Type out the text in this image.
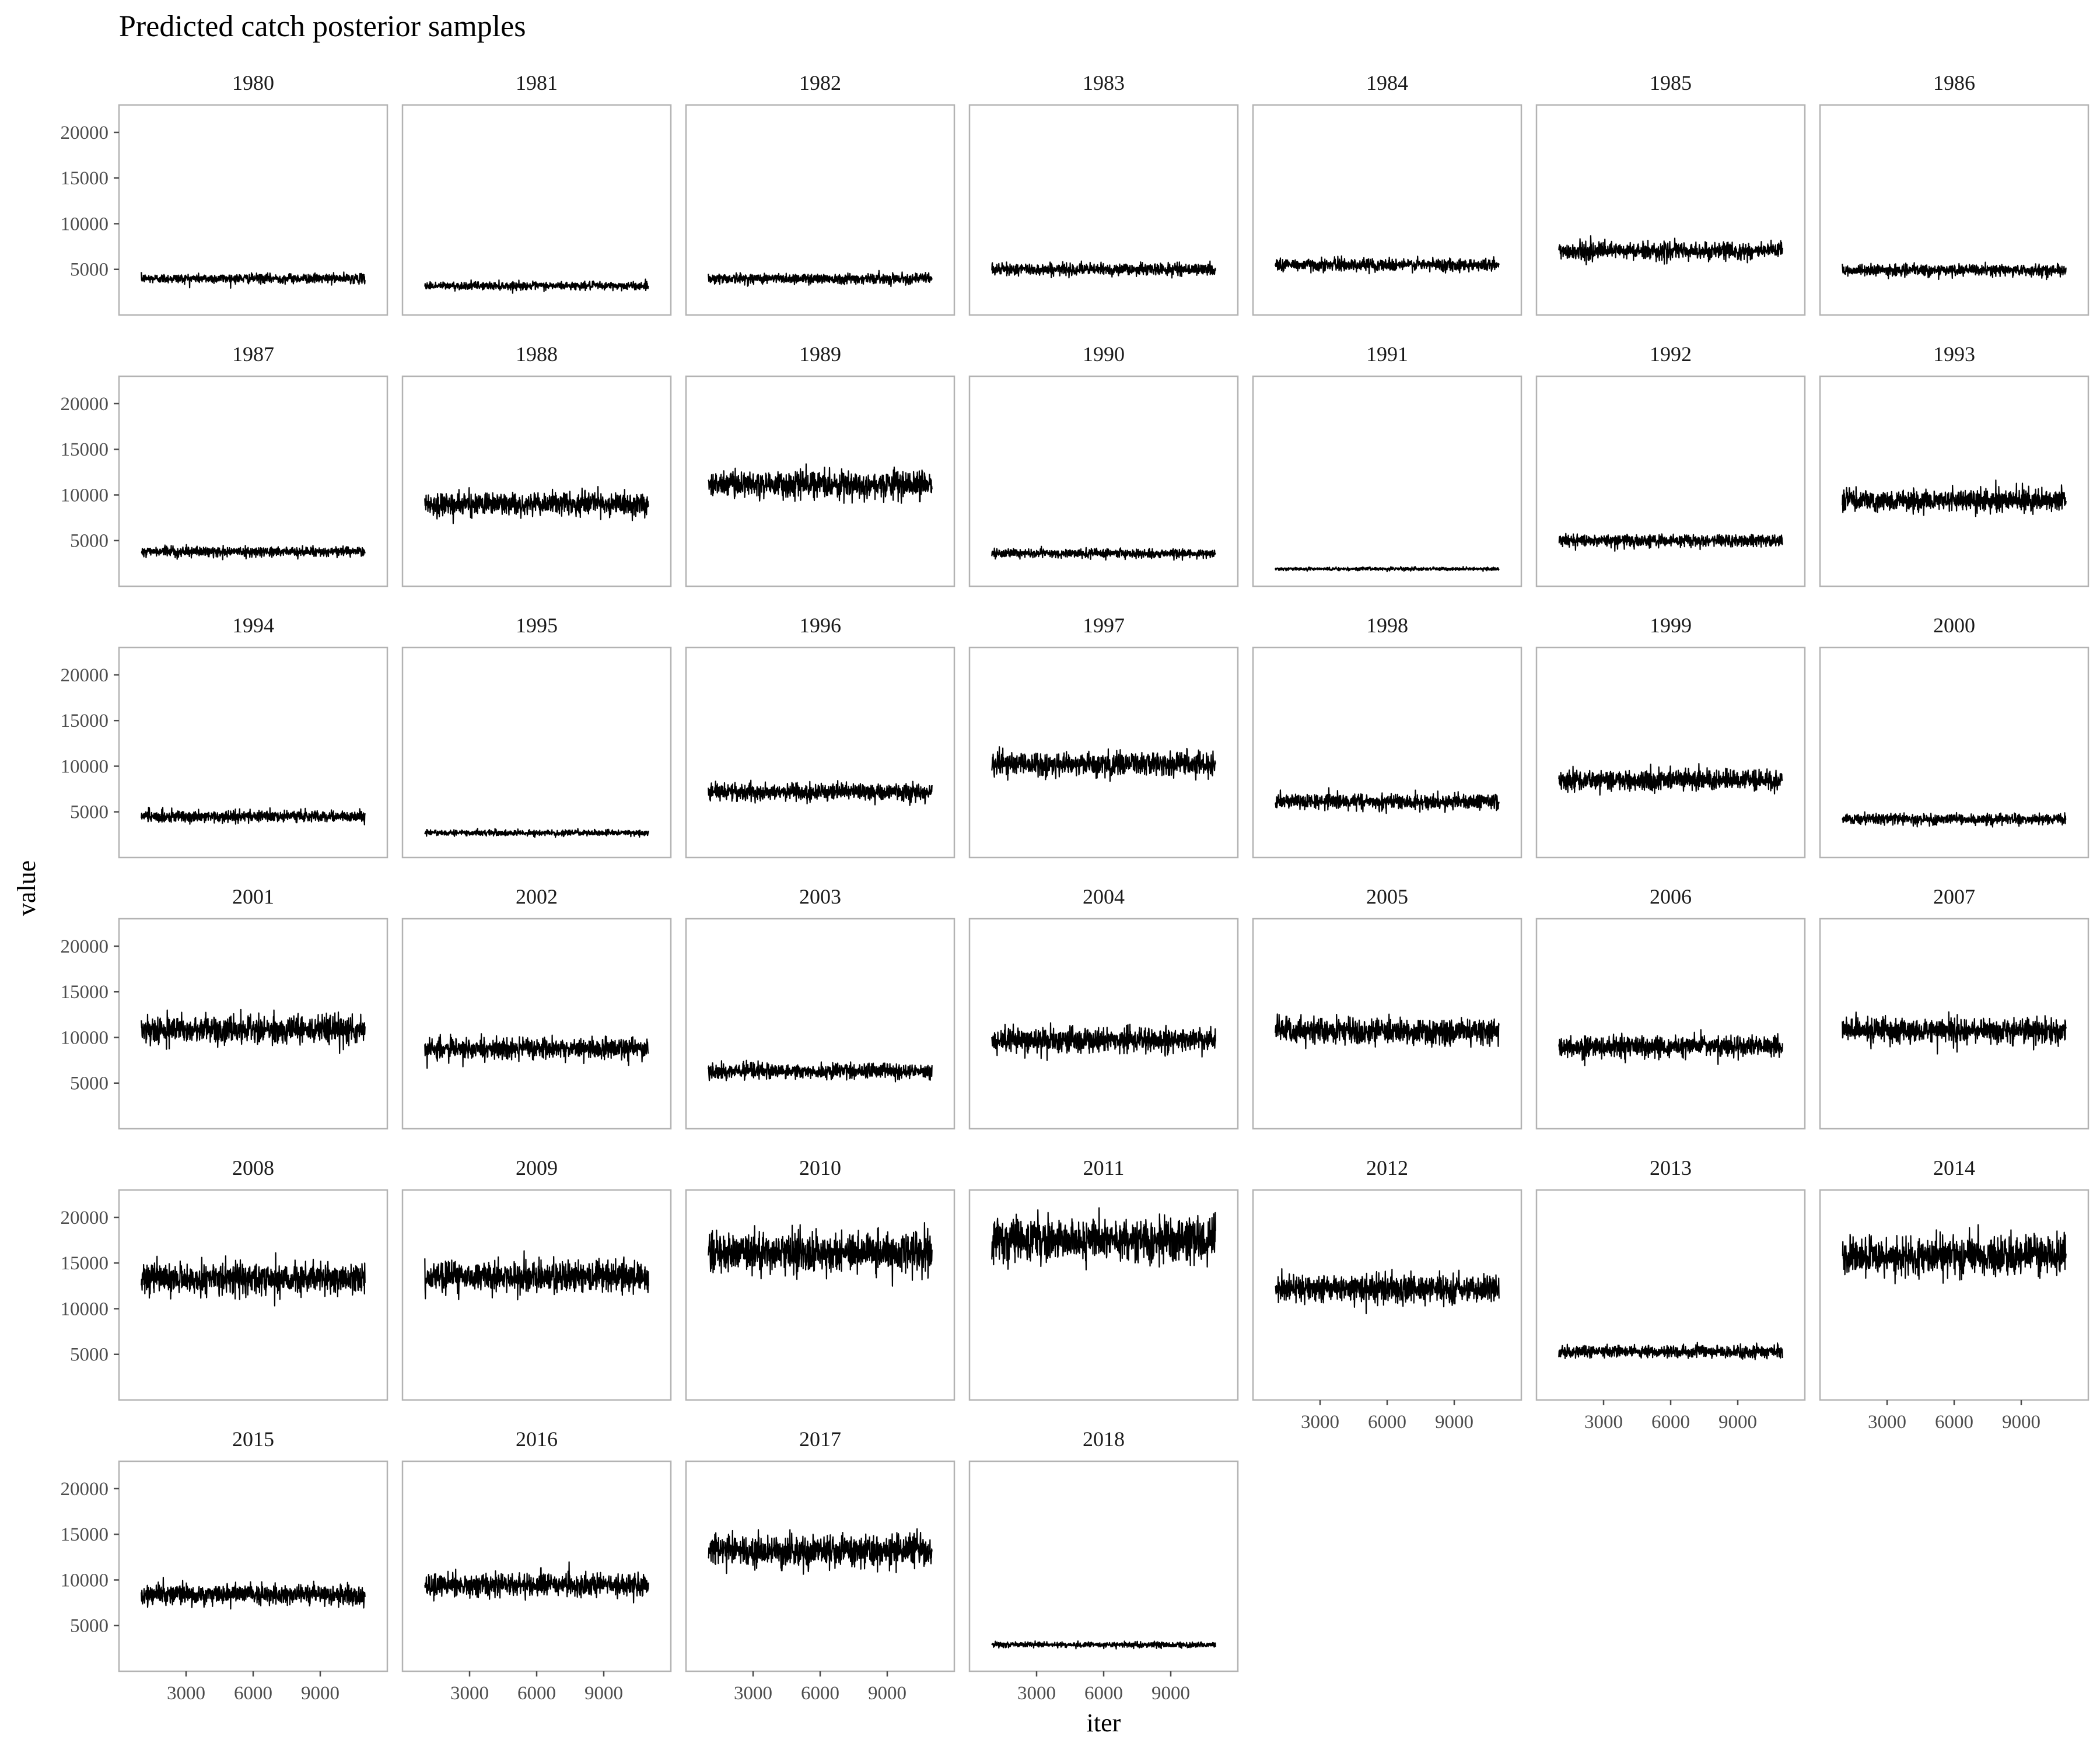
Predicted catch posterior samples
1980
5000
10000
15000
20000
1981	1982	1983	1984	1985	1986
1987
5000
10000
15000
20000
1988	1989	1990	1991	1992	1993
1994
5000
10000
15000
20000
1995	1996	1997	1998	1999	2000
2001
5000
10000
15000
20000
2002	2003	2004	2005	2006	2007
2008
5000
10000
15000
20000
2009	2010	2011	2012
3000 6000 9000
2013
3000 6000 9000
2014
3000 6000 9000
2015
5000
10000
15000
20000
3000 6000 9000
2016
3000 6000 9000
2017
3000 6000 9000
2018
3000 6000 9000
iter
value
